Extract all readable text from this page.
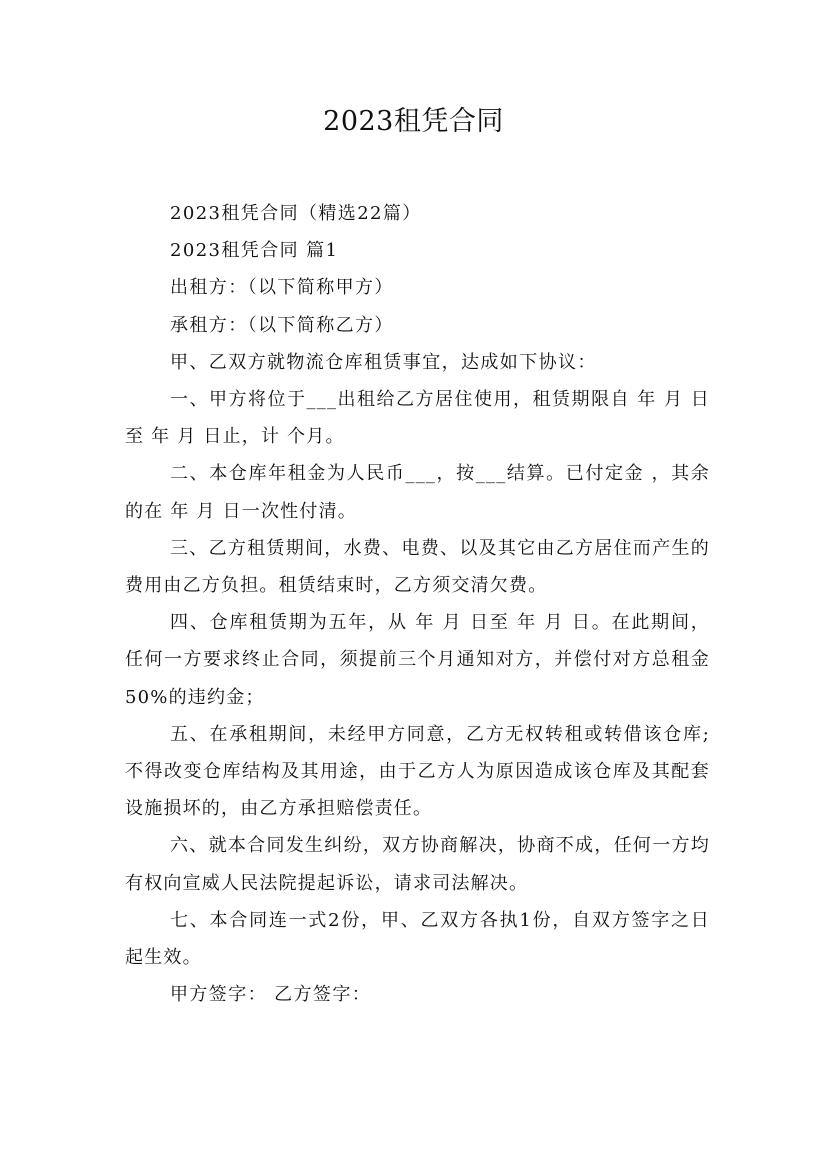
2023租凭合同

2023租凭合同（精选22篇）

2023租凭合同 篇1

出租方：（以下简称甲方）

承租方：（以下简称乙方）

甲、乙双方就物流仓库租赁事宜，达成如下协议：

一、甲方将位于___出租给乙方居住使用，租赁期限自 年 月 日至 年 月 日止，计 个月。

二、本仓库年租金为人民币___，按___结算。已付定金 ，其余的在 年 月 日一次性付清。

三、乙方租赁期间，水费、电费、以及其它由乙方居住而产生的费用由乙方负担。租赁结束时，乙方须交清欠费。

四、仓库租赁期为五年，从 年 月 日至 年 月 日。在此期间，任何一方要求终止合同，须提前三个月通知对方，并偿付对方总租金50%的违约金；

五、在承租期间，未经甲方同意，乙方无权转租或转借该仓库;不得改变仓库结构及其用途，由于乙方人为原因造成该仓库及其配套设施损坏的，由乙方承担赔偿责任。

六、就本合同发生纠纷，双方协商解决，协商不成，任何一方均有权向宣威人民法院提起诉讼，请求司法解决。

七、本合同连一式2份，甲、乙双方各执1份，自双方签字之日起生效。

甲方签字： 乙方签字：
